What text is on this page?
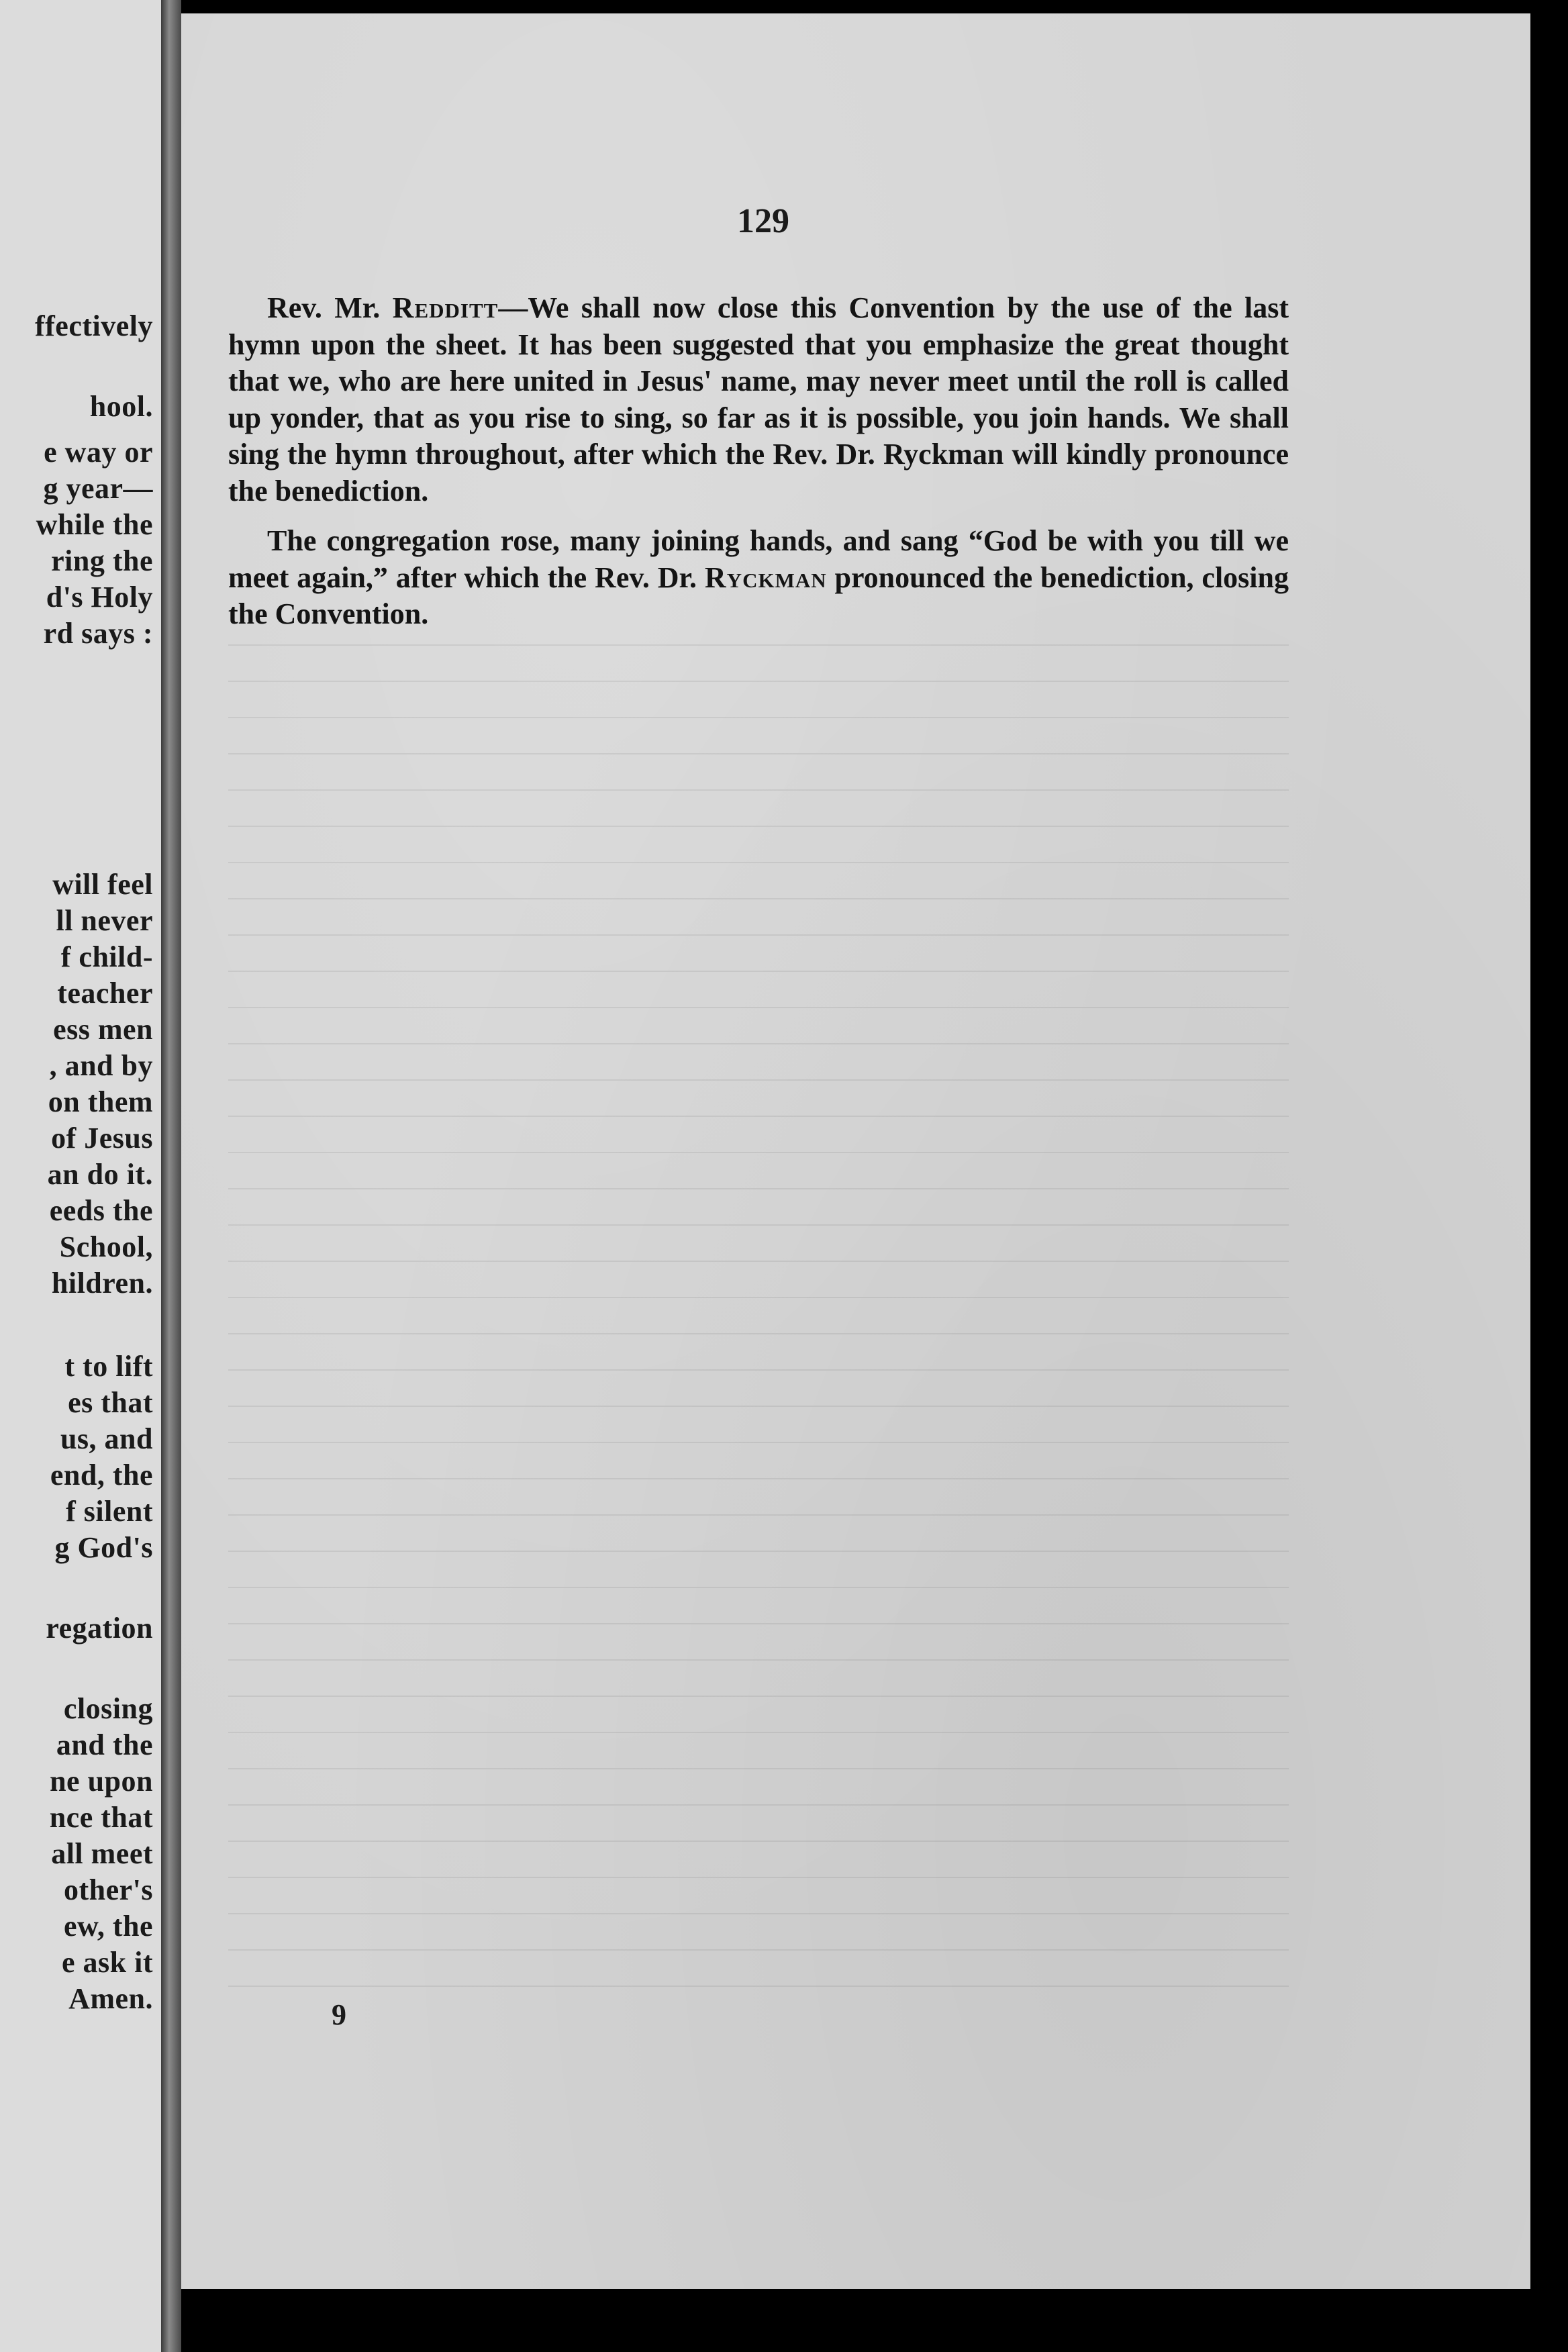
ffectively
hool.
e way or
g year—
while the
ring the
d's Holy
rd says :
will feel
ll never
f child-
teacher
ess men
, and by
on them
of Jesus
an do it.
eeds the
School,
hildren.
t to lift
es that
us, and
end, the
f silent
g God's
regation
closing
and the
ne upon
nce that
all meet
other's
ew, the
e ask it
Amen.
129

Rev. Mr. Redditt—We shall now close this Convention by the use of the last hymn upon the sheet. It has been suggested that you emphasize the great thought that we, who are here united in Jesus' name, may never meet until the roll is called up yonder, that as you rise to sing, so far as it is possible, you join hands. We shall sing the hymn throughout, after which the Rev. Dr. Ryckman will kindly pronounce the benediction.

The congregation rose, many joining hands, and sang “God be with you till we meet again,” after which the Rev. Dr. Ryckman pronounced the benediction, closing the Convention.

9
